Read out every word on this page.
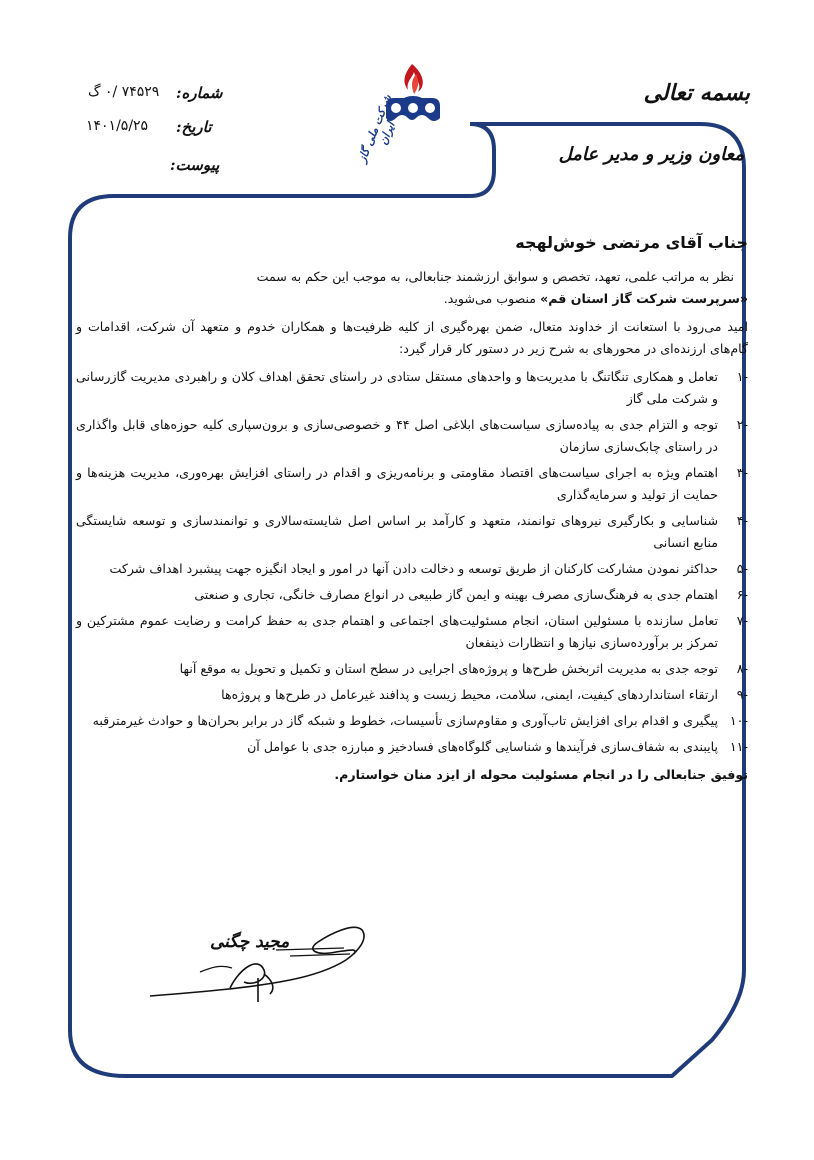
بسمه تعالی
معاون وزیر و مدیر عامل
شماره:
۷۴۵۲۹ /۰ گ
تاریخ:
۱۴۰۱/۵/۲۵
پیوست:
شرکت ملی گاز ایران
جناب آقای مرتضی خوش‌لهجه

نظر به مراتب علمی، تعهد، تخصص و سوابق ارزشمند جنابعالی، به موجب این حکم به سمت
«سرپرست شرکت گاز استان قم» منصوب می‌شوید.

امید می‌رود با استعانت از خداوند متعال، ضمن بهره‌گیری از کلیه ظرفیت‌ها و همکاران خدوم و متعهد آن شرکت، اقدامات و گام‌های ارزنده‌ای در محورهای به شرح زیر در دستور کار قرار گیرد:

-۱
تعامل و همکاری تنگاتنگ با مدیریت‌ها و واحدهای مستقل ستادی در راستای تحقق اهداف کلان و راهبردی مدیریت گازرسانی و شرکت ملی گاز
-۲
توجه و التزام جدی به پیاده‌سازی سیاست‌های ابلاغی اصل ۴۴ و خصوصی‌سازی و برون‌سپاری کلیه حوزه‌های قابل واگذاری در راستای چابک‌سازی سازمان
-۳
اهتمام ویژه به اجرای سیاست‌های اقتصاد مقاومتی و برنامه‌ریزی و اقدام در راستای افزایش بهره‌وری، مدیریت هزینه‌ها و حمایت از تولید و سرمایه‌گذاری
-۴
شناسایی و بکارگیری نیروهای توانمند، متعهد و کارآمد بر اساس اصل شایسته‌سالاری و توانمندسازی و توسعه شایستگی منابع انسانی
-۵
حداکثر نمودن مشارکت کارکنان از طریق توسعه و دخالت دادن آنها در امور و ایجاد انگیزه جهت پیشبرد اهداف شرکت
-۶
اهتمام جدی به فرهنگ‌سازی مصرف بهینه و ایمن گاز طبیعی در انواع مصارف خانگی، تجاری و صنعتی
-۷
تعامل سازنده با مسئولین استان، انجام مسئولیت‌های اجتماعی و اهتمام جدی به حفظ کرامت و رضایت عموم مشترکین و تمرکز بر برآورده‌سازی نیازها و انتظارات ذینفعان
-۸
توجه جدی به مدیریت اثربخش طرح‌ها و پروژه‌های اجرایی در سطح استان و تکمیل و تحویل به موقع آنها
-۹
ارتقاء استانداردهای کیفیت، ایمنی، سلامت، محیط زیست و پدافند غیرعامل در طرح‌ها و پروژه‌ها
-۱۰
پیگیری و اقدام برای افزایش تاب‌آوری و مقاوم‌سازی تأسیسات، خطوط و شبکه گاز در برابر بحران‌ها و حوادث غیرمترقبه
-۱۱
پایبندی به شفاف‌سازی فرآیندها و شناسایی گلوگاه‌های فسادخیز و مبارزه جدی با عوامل آن
توفیق جنابعالی را در انجام مسئولیت محوله از ایزد منان خواستارم.
مجید چگنی
